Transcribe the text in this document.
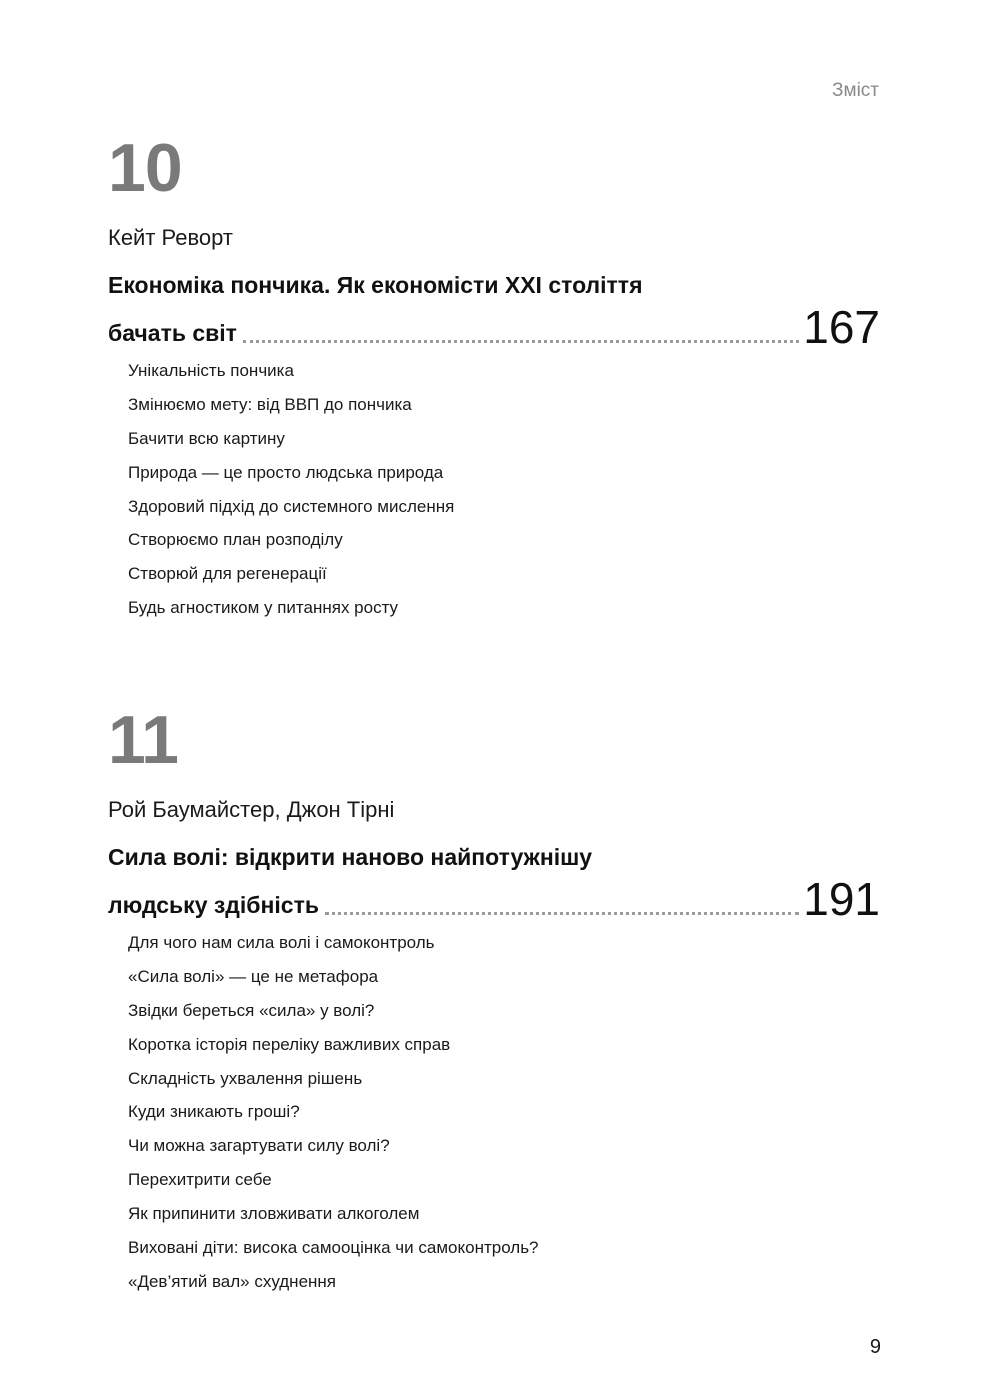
Зміст
10
Кейт Реворт
Економіка пончика. Як економісти XXI століття
бачать світ	167
Унікальність пончика
Змінюємо мету: від ВВП до пончика
Бачити всю картину
Природа — це просто людська природа
Здоровий підхід до системного мислення
Створюємо план розподілу
Створюй для регенерації
Будь агностиком у питаннях росту
11
Рой Баумайстер, Джон Тірні
Сила волі: відкрити наново найпотужнішу
людську здібність	191
Для чого нам сила волі і самоконтроль
«Сила волі» — це не метафора
Звідки береться «сила» у волі?
Коротка історія переліку важливих справ
Складність ухвалення рішень
Куди зникають гроші?
Чи можна загартувати силу волі?
Перехитрити себе
Як припинити зловживати алкоголем
Виховані діти: висока самооцінка чи самоконтроль?
«Дев’ятий вал» схуднення
9
